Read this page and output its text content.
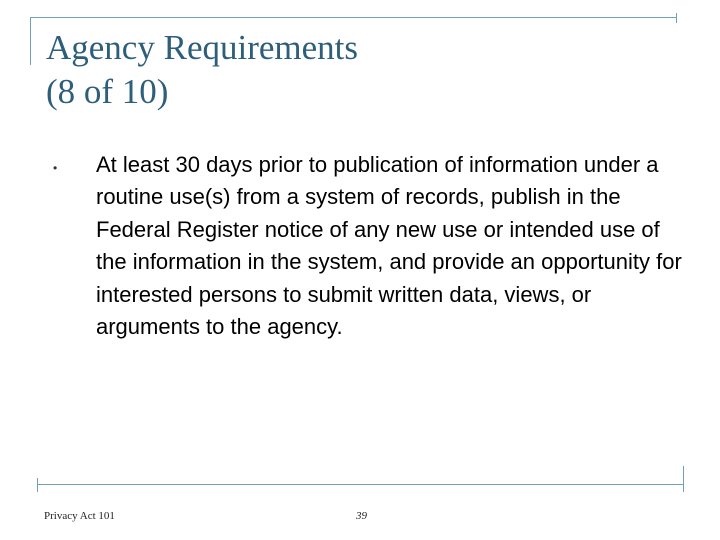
Agency Requirements
(8 of 10)
• At least 30 days prior to publication of information under a routine use(s) from a system of records, publish in the Federal Register notice of any new use or intended use of the information in the system, and provide an opportunity for interested persons to submit written data, views, or arguments to the agency.

Privacy Act 101	39
